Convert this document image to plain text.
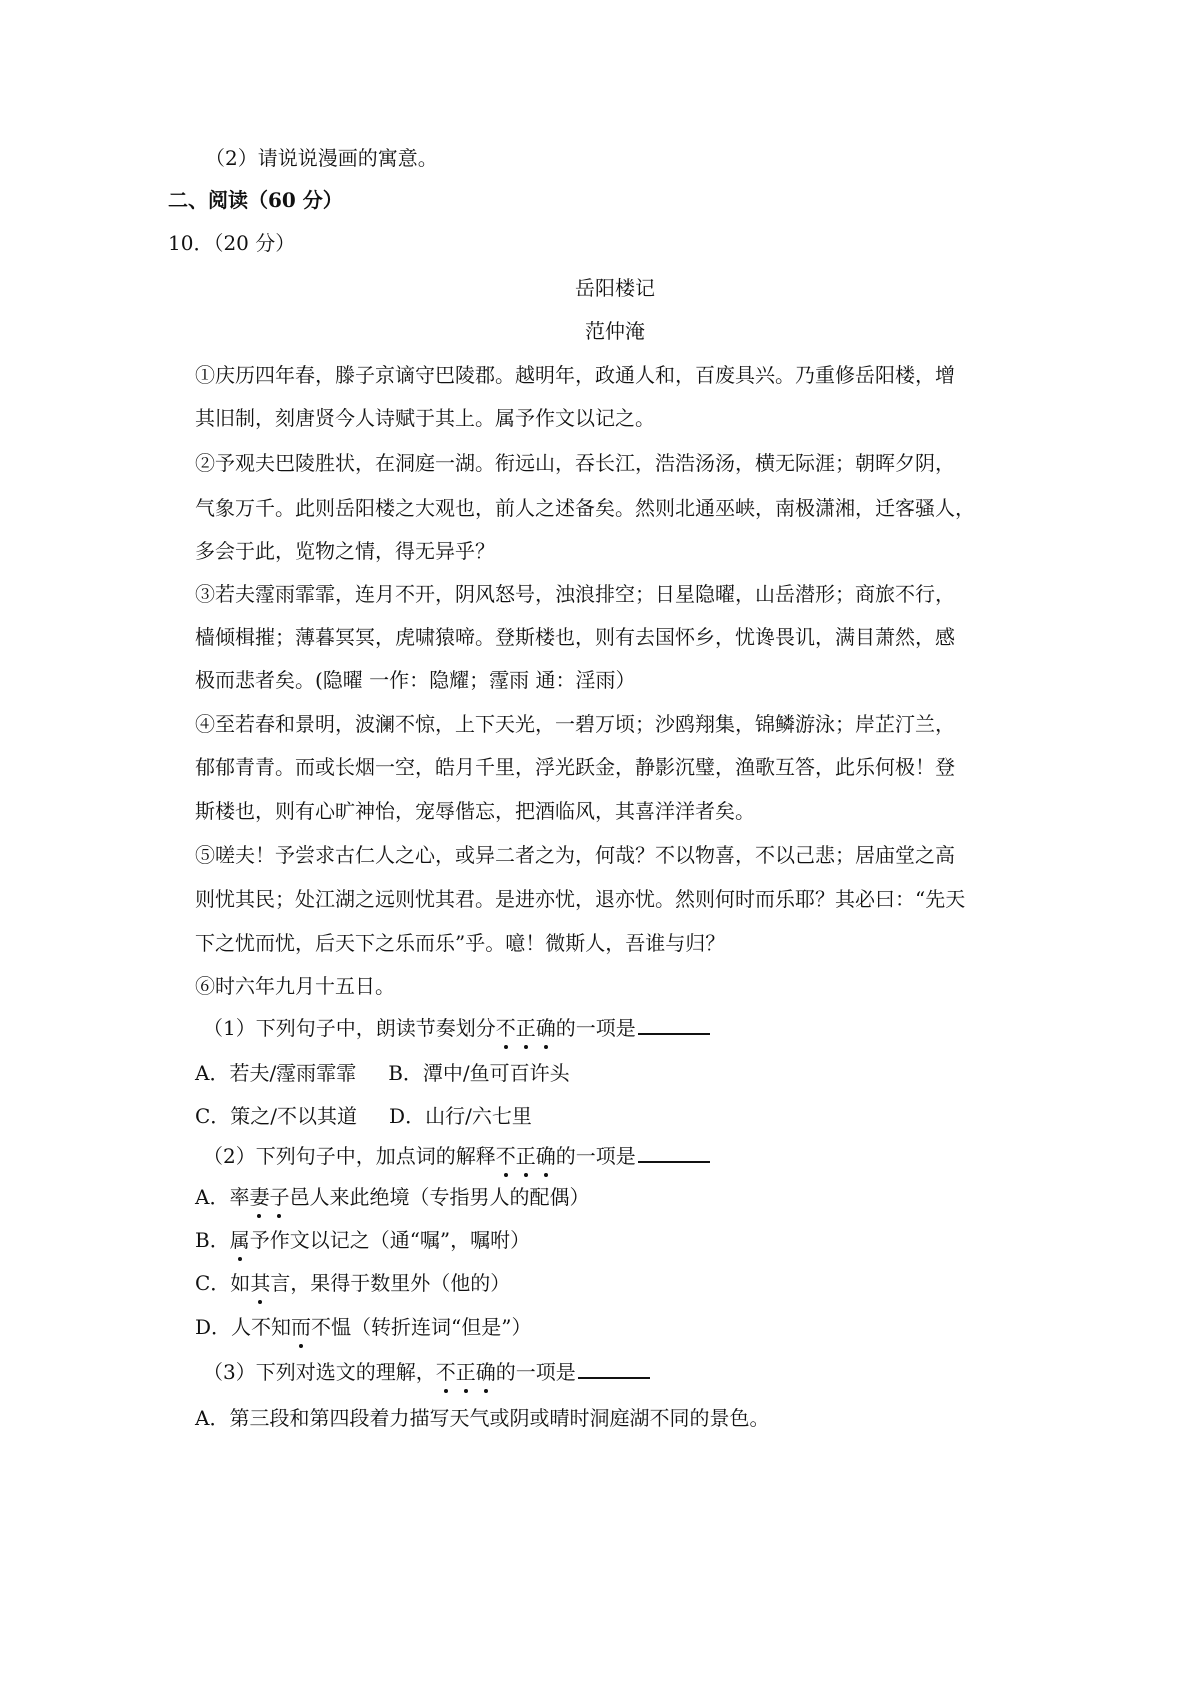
（2）请说说漫画的寓意。
二、阅读（60 分）
10．（20 分）
岳阳楼记
范仲淹
①庆历四年春，滕子京谪守巴陵郡。越明年，政通人和，百废具兴。乃重修岳阳楼，增
其旧制，刻唐贤今人诗赋于其上。属予作文以记之。
②予观夫巴陵胜状，在洞庭一湖。衔远山，吞长江，浩浩汤汤，横无际涯；朝晖夕阴，
气象万千。此则岳阳楼之大观也，前人之述备矣。然则北通巫峡，南极潇湘，迁客骚人，
多会于此，览物之情，得无异乎？
③若夫霪雨霏霏，连月不开，阴风怒号，浊浪排空；日星隐曜，山岳潜形；商旅不行，
樯倾楫摧；薄暮冥冥，虎啸猿啼。登斯楼也，则有去国怀乡，忧谗畏讥，满目萧然，感
极而悲者矣。(隐曜 一作：隐耀；霪雨 通：淫雨）
④至若春和景明，波澜不惊，上下天光，一碧万顷；沙鸥翔集，锦鳞游泳；岸芷汀兰，
郁郁青青。而或长烟一空，皓月千里，浮光跃金，静影沉璧，渔歌互答，此乐何极！登
斯楼也，则有心旷神怡，宠辱偕忘，把酒临风，其喜洋洋者矣。
⑤嗟夫！予尝求古仁人之心，或异二者之为，何哉？不以物喜，不以己悲；居庙堂之高
则忧其民；处江湖之远则忧其君。是进亦忧，退亦忧。然则何时而乐耶？其必曰：“先天
下之忧而忧，后天下之乐而乐”乎。噫！微斯人，吾谁与归？
⑥时六年九月十五日。
（1）下列句子中，朗读节奏划分不正确的一项是
A．若夫/霪雨霏霏 B．潭中/鱼可百许头
C．策之/不以其道 D．山行/六七里
（2）下列句子中，加点词的解释不正确的一项是
A．率妻子邑人来此绝境（专指男人的配偶）
B．属予作文以记之（通“嘱”，嘱咐）
C．如其言，果得于数里外（他的）
D．人不知而不愠（转折连词“但是”）
（3）下列对选文的理解，不正确的一项是
A．第三段和第四段着力描写天气或阴或晴时洞庭湖不同的景色。
